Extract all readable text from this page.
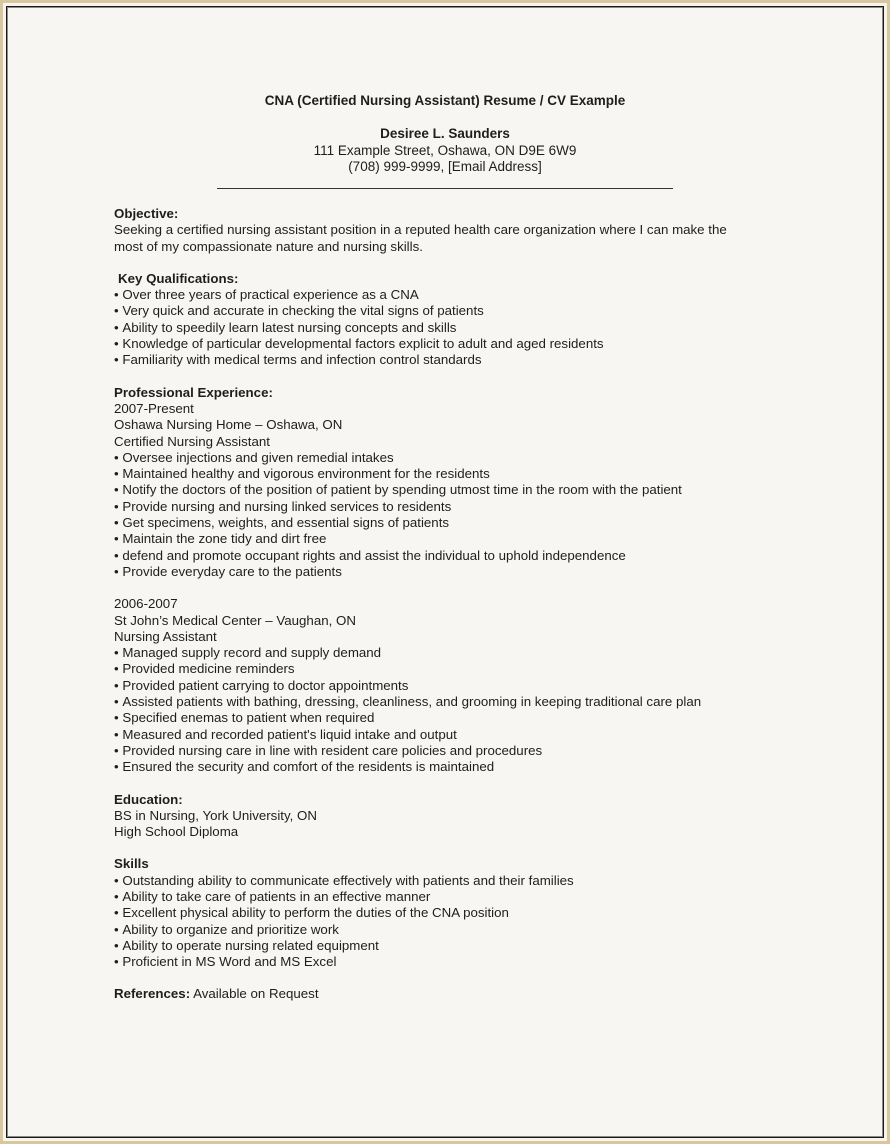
CNA (Certified Nursing Assistant) Resume / CV Example
Desiree L. Saunders
111 Example Street, Oshawa, ON D9E 6W9
(708) 999-9999, [Email Address]
Objective:
Seeking a certified nursing assistant position in a reputed health care organization where I can make the
most of my compassionate nature and nursing skills.
Key Qualifications:
• Over three years of practical experience as a CNA
• Very quick and accurate in checking the vital signs of patients
• Ability to speedily learn latest nursing concepts and skills
• Knowledge of particular developmental factors explicit to adult and aged residents
• Familiarity with medical terms and infection control standards
Professional Experience:
2007-Present
Oshawa Nursing Home – Oshawa, ON
Certified Nursing Assistant
• Oversee injections and given remedial intakes
• Maintained healthy and vigorous environment for the residents
• Notify the doctors of the position of patient by spending utmost time in the room with the patient
• Provide nursing and nursing linked services to residents
• Get specimens, weights, and essential signs of patients
• Maintain the zone tidy and dirt free
• defend and promote occupant rights and assist the individual to uphold independence
• Provide everyday care to the patients
2006-2007
St John’s Medical Center – Vaughan, ON
Nursing Assistant
• Managed supply record and supply demand
• Provided medicine reminders
• Provided patient carrying to doctor appointments
• Assisted patients with bathing, dressing, cleanliness, and grooming in keeping traditional care plan
• Specified enemas to patient when required
• Measured and recorded patient's liquid intake and output
• Provided nursing care in line with resident care policies and procedures
• Ensured the security and comfort of the residents is maintained
Education:
BS in Nursing, York University, ON
High School Diploma
Skills
• Outstanding ability to communicate effectively with patients and their families
• Ability to take care of patients in an effective manner
• Excellent physical ability to perform the duties of the CNA position
• Ability to organize and prioritize work
• Ability to operate nursing related equipment
• Proficient in MS Word and MS Excel
References: Available on Request
